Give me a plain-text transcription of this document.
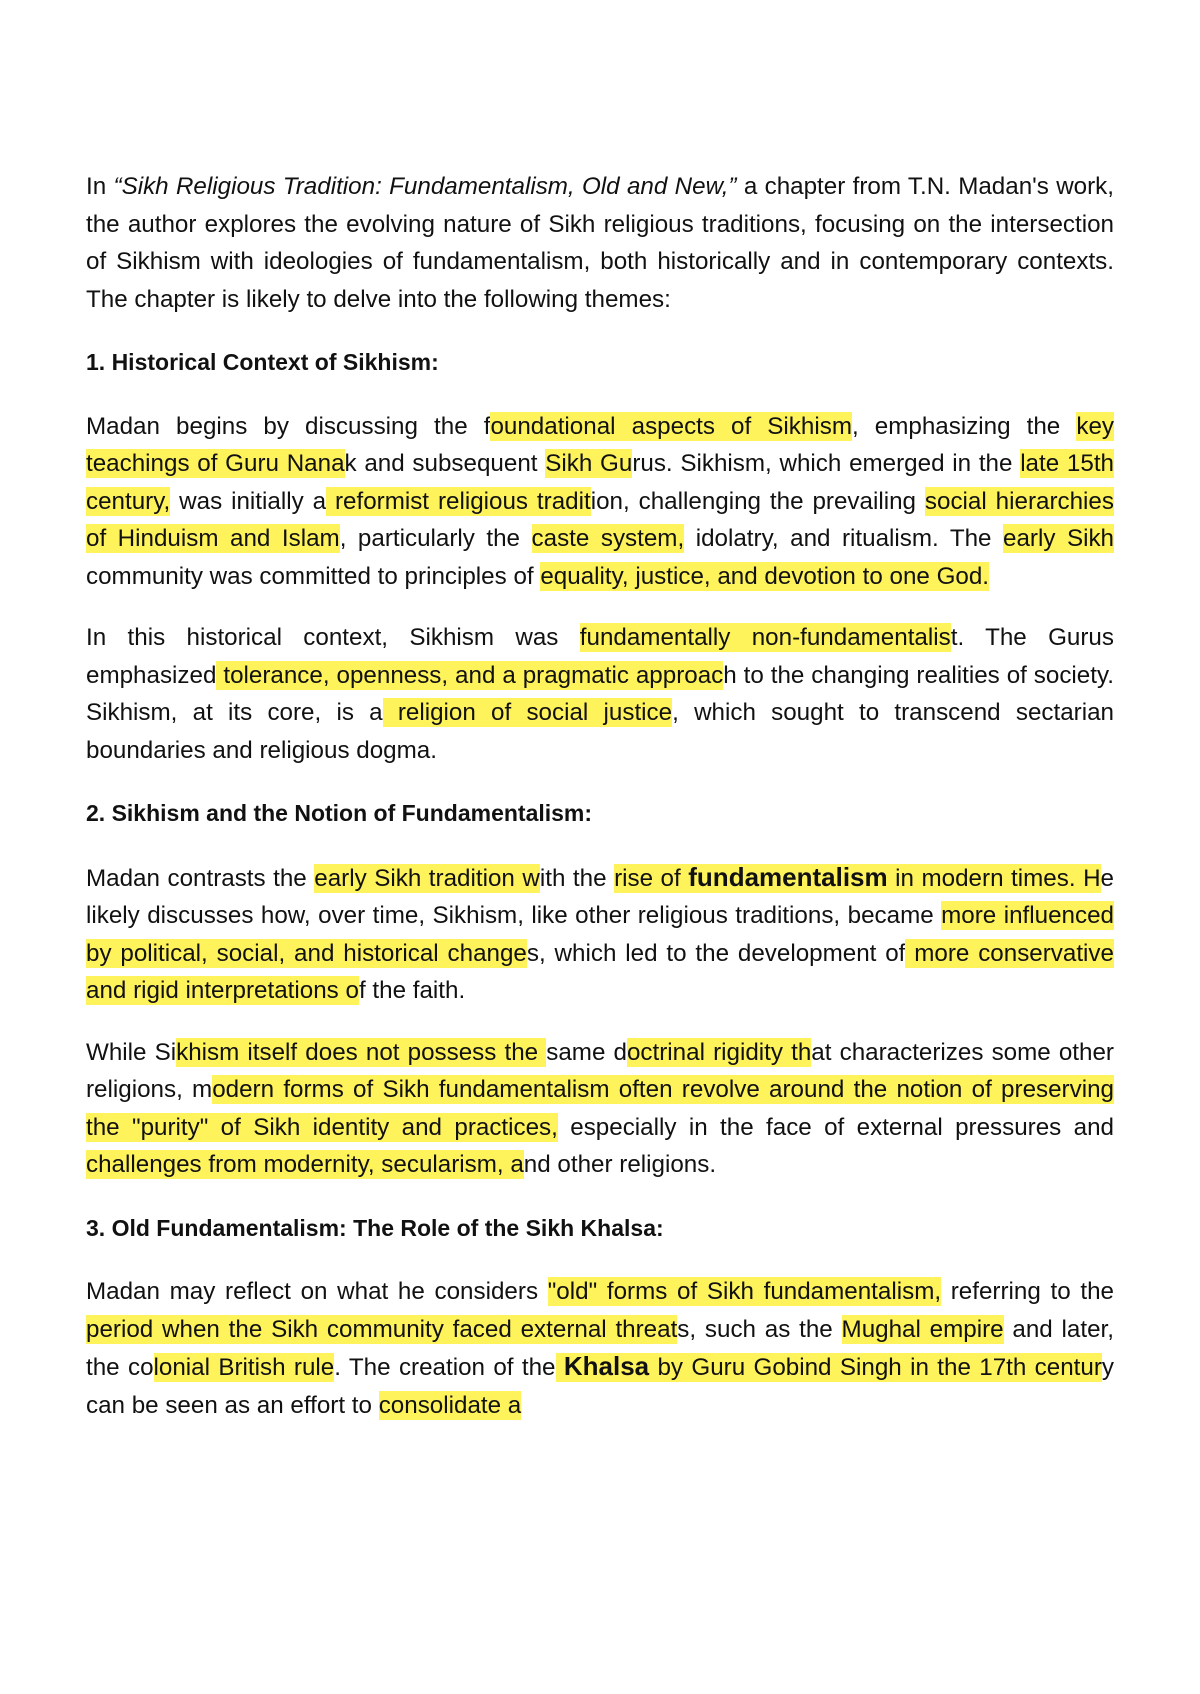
In “Sikh Religious Tradition: Fundamentalism, Old and New,” a chapter from T.N. Madan's work, the author explores the evolving nature of Sikh religious traditions, focusing on the intersection of Sikhism with ideologies of fundamentalism, both historically and in contemporary contexts. The chapter is likely to delve into the following themes:

1. Historical Context of Sikhism:

Madan begins by discussing the foundational aspects of Sikhism, emphasizing the key teachings of Guru Nanak and subsequent Sikh Gurus. Sikhism, which emerged in the late 15th century, was initially a reformist religious tradition, challenging the prevailing social hierarchies of Hinduism and Islam, particularly the caste system, idolatry, and ritualism. The early Sikh community was committed to principles of equality, justice, and devotion to one God.

In this historical context, Sikhism was fundamentally non-fundamentalist. The Gurus emphasized tolerance, openness, and a pragmatic approach to the changing realities of society. Sikhism, at its core, is a religion of social justice, which sought to transcend sectarian boundaries and religious dogma.

2. Sikhism and the Notion of Fundamentalism:

Madan contrasts the early Sikh tradition with the rise of fundamentalism in modern times. He likely discusses how, over time, Sikhism, like other religious traditions, became more influenced by political, social, and historical changes, which led to the development of more conservative and rigid interpretations of the faith.

While Sikhism itself does not possess the same doctrinal rigidity that characterizes some other religions, modern forms of Sikh fundamentalism often revolve around the notion of preserving the "purity" of Sikh identity and practices, especially in the face of external pressures and challenges from modernity, secularism, and other religions.

3. Old Fundamentalism: The Role of the Sikh Khalsa:

Madan may reflect on what he considers "old" forms of Sikh fundamentalism, referring to the period when the Sikh community faced external threats, such as the Mughal empire and later, the colonial British rule. The creation of the Khalsa by Guru Gobind Singh in the 17th century can be seen as an effort to consolidate a
